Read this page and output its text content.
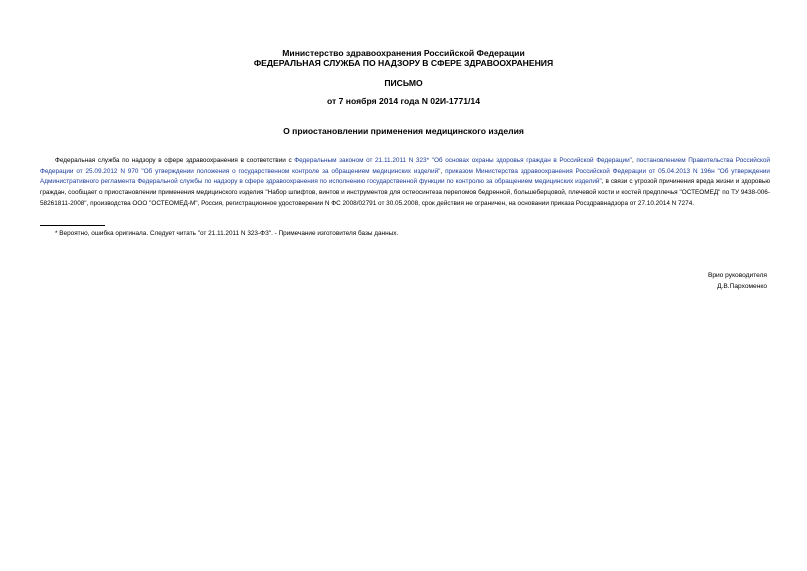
Министерство здравоохранения Российской Федерации
ФЕДЕРАЛЬНАЯ СЛУЖБА ПО НАДЗОРУ В СФЕРЕ ЗДРАВООХРАНЕНИЯ
ПИСЬМО
от 7 ноября 2014 года N 02И-1771/14
О приостановлении применения медицинского изделия
Федеральная служба по надзору в сфере здравоохранения в соответствии с Федеральным законом от 21.11.2011 N 323* "Об основах охраны здоровья граждан в Российской Федерации", постановлением Правительства Российской Федерации от 25.09.2012 N 970 "Об утверждении положения о государственном контроле за обращением медицинских изделий", приказом Министерства здравоохранения Российской Федерации от 05.04.2013 N 196н "Об утверждении Административного регламента Федеральной службы по надзору в сфере здравоохранения по исполнению государственной функции по контролю за обращением медицинских изделий", в связи с угрозой причинения вреда жизни и здоровью граждан, сообщает о приостановлении применения медицинского изделия "Набор шпифтов, винтов и инструментов для остеосинтеза переломов бедренной, большеберцовой, плечевой кости и костей предплечья "ОСТЕОМЕД" по ТУ 9438-006-58261811-2008", производства ООО "ОСТЕОМЕД-М", Россия, регистрационное удостоверении N ФС 2008/02791 от 30.05.2008, срок действия не ограничен, на основании приказа Росздравнадзора от 27.10.2014 N 7274.
* Вероятно, ошибка оригинала. Следует читать "от 21.11.2011 N 323-ФЗ". - Примечание изготовителя базы данных.
Врио руководителя
Д.В.Пархоменко
